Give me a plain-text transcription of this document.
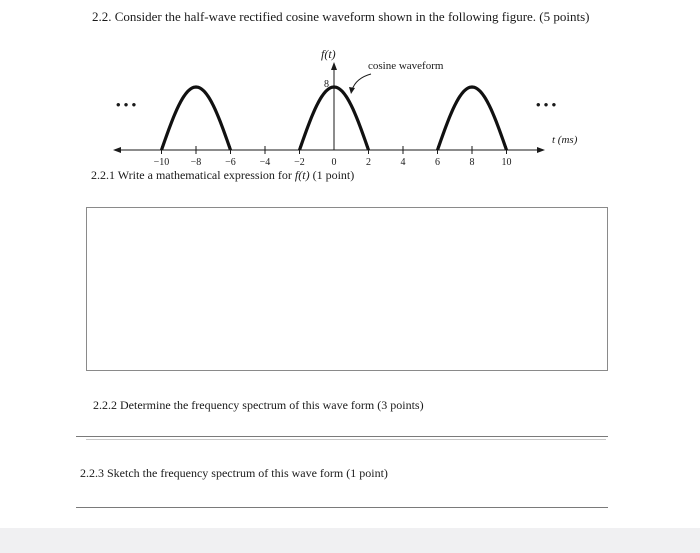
2.2. Consider the half-wave rectified cosine waveform shown in the following figure. (5 points)
−10 −8 −6 −4 −2	0	2	4	6	8	10
f(t)
8
cosine waveform
t (ms)
• • •	• • •
2.2.1 Write a mathematical expression for f(t) (1 point)
2.2.2 Determine the frequency spectrum of this wave form (3 points)
2.2.3 Sketch the frequency spectrum of this wave form (1 point)
